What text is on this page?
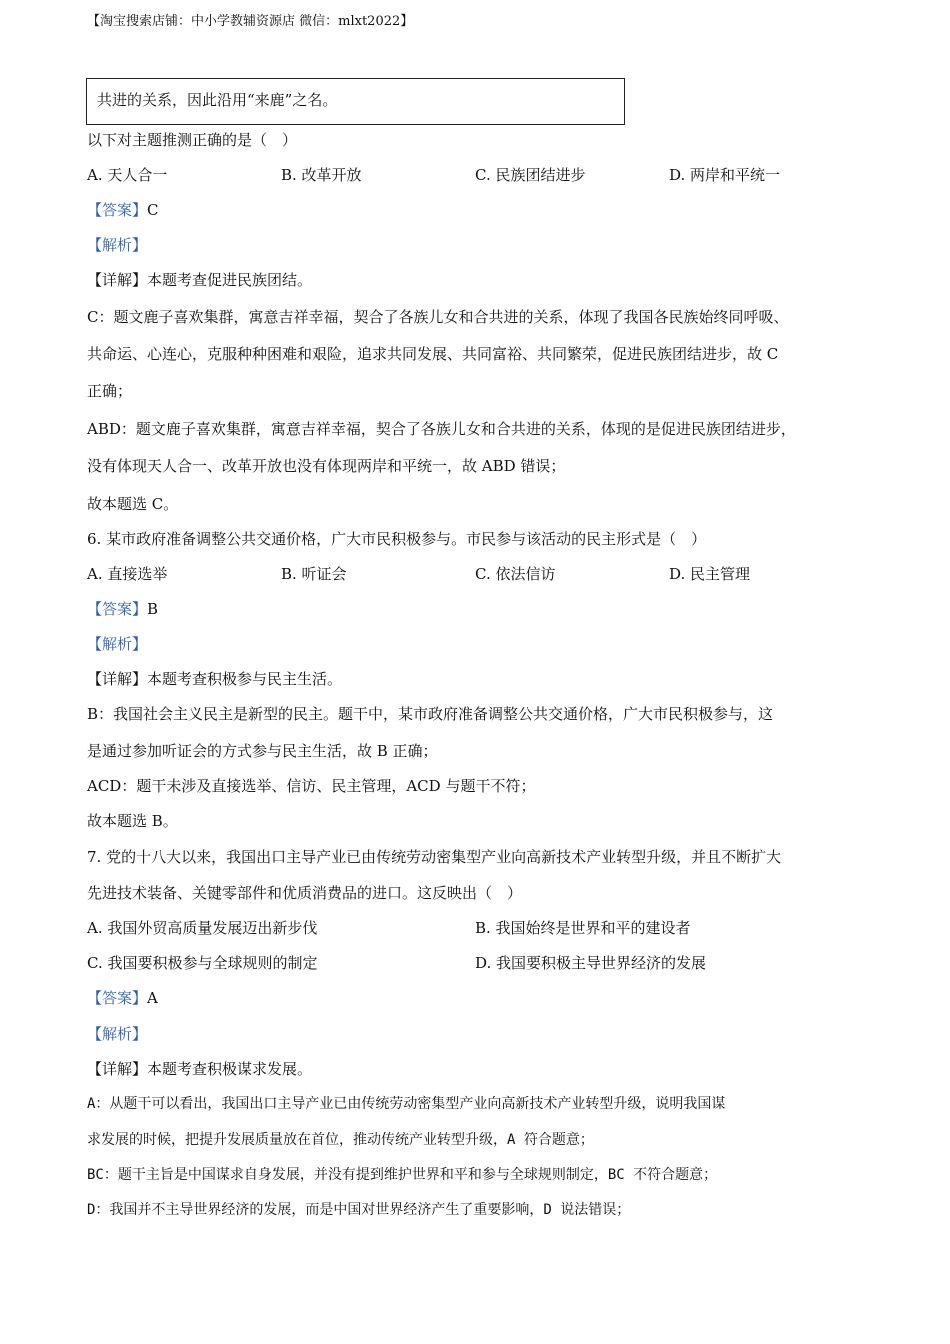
【淘宝搜索店铺：中小学教辅资源店 微信：mlxt2022】
共进的关系，因此沿用“来鹿”之名。
以下对主题推测正确的是（　）
A. 天人合一	B. 改革开放	C. 民族团结进步	D. 两岸和平统一
【答案】C
【解析】
【详解】本题考查促进民族团结。
C：题文鹿子喜欢集群，寓意吉祥幸福，契合了各族儿女和合共进的关系，体现了我国各民族始终同呼吸、
共命运、心连心，克服种种困难和艰险，追求共同发展、共同富裕、共同繁荣，促进民族团结进步，故 C
正确；
ABD：题文鹿子喜欢集群，寓意吉祥幸福，契合了各族儿女和合共进的关系，体现的是促进民族团结进步，
没有体现天人合一、改革开放也没有体现两岸和平统一，故 ABD 错误；
故本题选 C。
6. 某市政府准备调整公共交通价格，广大市民积极参与。市民参与该活动的民主形式是（　）
A. 直接选举	B. 听证会	C. 依法信访	D. 民主管理
【答案】B
【解析】
【详解】本题考查积极参与民主生活。
B：我国社会主义民主是新型的民主。题干中，某市政府准备调整公共交通价格，广大市民积极参与，这
是通过参加听证会的方式参与民主生活，故 B 正确；
ACD：题干未涉及直接选举、信访、民主管理，ACD 与题干不符；
故本题选 B。
7. 党的十八大以来，我国出口主导产业已由传统劳动密集型产业向高新技术产业转型升级，并且不断扩大
先进技术装备、关键零部件和优质消费品的进口。这反映出（　）
A. 我国外贸高质量发展迈出新步伐	B. 我国始终是世界和平的建设者
C. 我国要积极参与全球规则的制定	D. 我国要积极主导世界经济的发展
【答案】A
【解析】
【详解】本题考查积极谋求发展。
A：从题干可以看出，我国出口主导产业已由传统劳动密集型产业向高新技术产业转型升级，说明我国谋
求发展的时候，把提升发展质量放在首位，推动传统产业转型升级，A 符合题意；
BC：题干主旨是中国谋求自身发展，并没有提到维护世界和平和参与全球规则制定，BC 不符合题意；
D：我国并不主导世界经济的发展，而是中国对世界经济产生了重要影响，D 说法错误；
